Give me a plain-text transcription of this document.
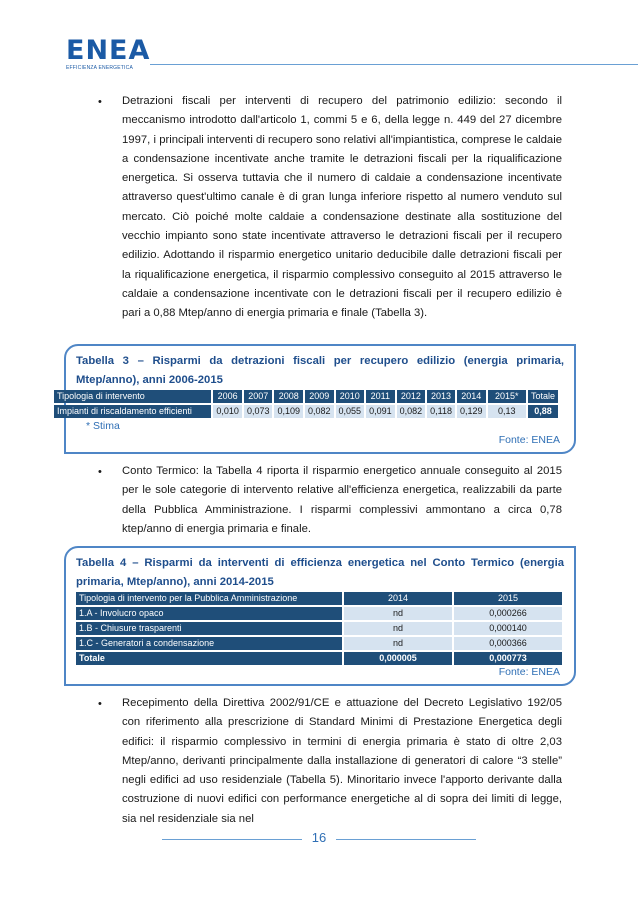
ENEA
EFFICIENZA ENERGETICA
• Detrazioni fiscali per interventi di recupero del patrimonio edilizio: secondo il meccanismo introdotto dall'articolo 1, commi 5 e 6, della legge n. 449 del 27 dicembre 1997, i principali interventi di recupero sono relativi all'impiantistica, comprese le caldaie a condensazione incentivate anche tramite le detrazioni fiscali per la riqualificazione energetica. Si osserva tuttavia che il numero di caldaie a condensazione incentivate attraverso quest'ultimo canale è di gran lunga inferiore rispetto al numero venduto sul mercato. Ciò poiché molte caldaie a condensazione destinate alla sostituzione del vecchio impianto sono state incentivate attraverso le detrazioni fiscali per il recupero edilizio. Adottando il risparmio energetico unitario deducibile dalle detrazioni fiscali per la riqualificazione energetica, il risparmio complessivo conseguito al 2015 attraverso le caldaie a condensazione incentivate con le detrazioni fiscali per il recupero edilizio è pari a 0,88 Mtep/anno di energia primaria e finale (Tabella 3).
Tabella 3 – Risparmi da detrazioni fiscali per recupero edilizio (energia primaria, Mtep/anno), anni 2006-2015
Tipologia di intervento	2006	2007	2008	2009	2010	2011	2012	2013	2014	2015*	Totale
Impianti di riscaldamento efficienti	0,010	0,073	0,109	0,082	0,055	0,091	0,082	0,118	0,129	0,13	0,88
* Stima
Fonte: ENEA
• Conto Termico: la Tabella 4 riporta il risparmio energetico annuale conseguito al 2015 per le sole categorie di intervento relative all'efficienza energetica, realizzabili da parte della Pubblica Amministrazione. I risparmi complessivi ammontano a circa 0,78 ktep/anno di energia primaria e finale.
Tabella 4 – Risparmi da interventi di efficienza energetica nel Conto Termico (energia primaria, Mtep/anno), anni 2014-2015
Tipologia di intervento per la Pubblica Amministrazione	2014	2015
1.A - Involucro opaco	nd	0,000266
1.B - Chiusure trasparenti	nd	0,000140
1.C - Generatori a condensazione	nd	0,000366
Totale	0,000005	0,000773
Fonte: ENEA
• Recepimento della Direttiva 2002/91/CE e attuazione del Decreto Legislativo 192/05 con riferimento alla prescrizione di Standard Minimi di Prestazione Energetica degli edifici: il risparmio complessivo in termini di energia primaria è stato di oltre 2,03 Mtep/anno, derivanti principalmente dalla installazione di generatori di calore “3 stelle” negli edifici ad uso residenziale (Tabella 5). Minoritario invece l'apporto derivante dalla costruzione di nuovi edifici con performance energetiche al di sopra dei limiti di legge, sia nel residenziale sia nel
16
